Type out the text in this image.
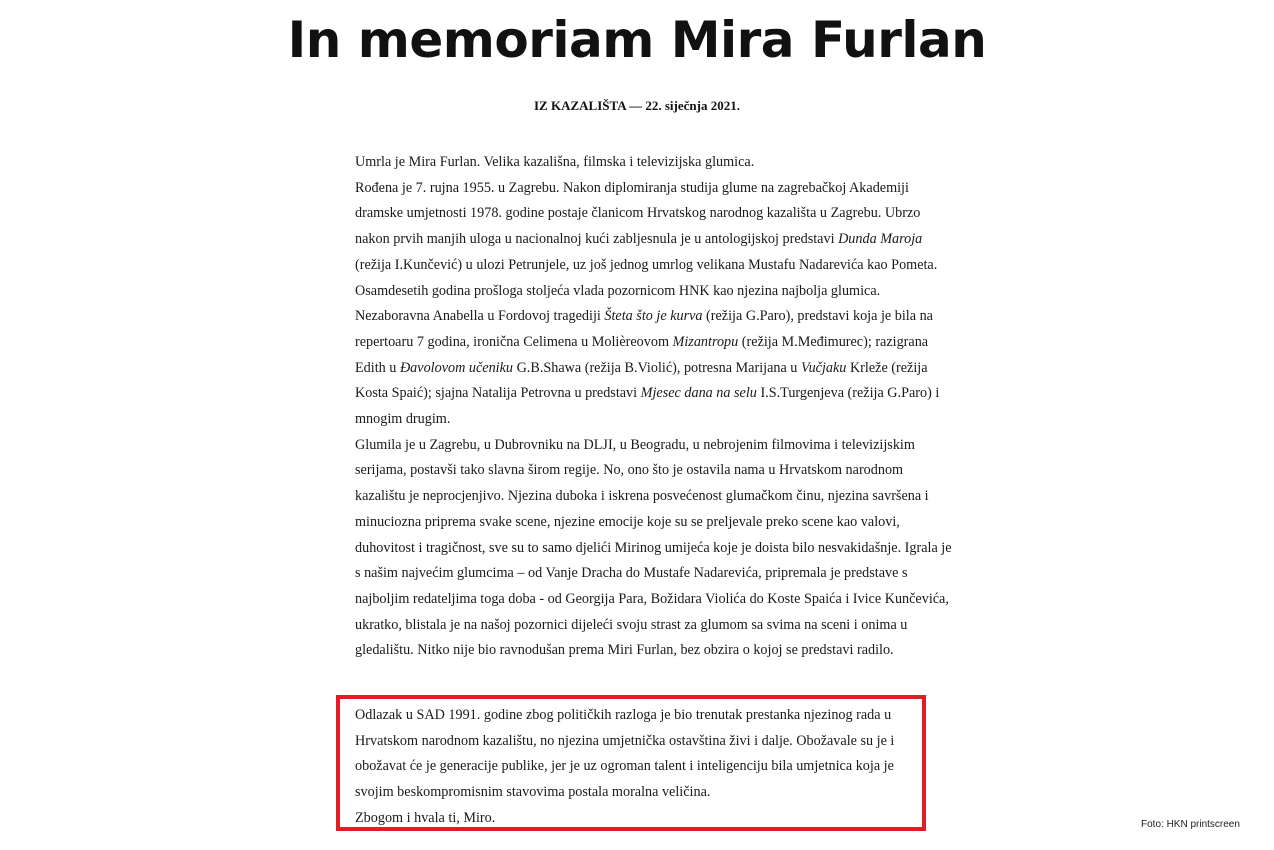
In memoriam Mira Furlan
IZ KAZALIŠTA — 22. siječnja 2021.

Umrla je Mira Furlan. Velika kazališna, filmska i televizijska glumica.

Rođena je 7. rujna 1955. u Zagrebu. Nakon diplomiranja studija glume na zagrebačkoj Akademiji dramske umjetnosti 1978. godine postaje članicom Hrvatskog narodnog kazališta u Zagrebu. Ubrzo nakon prvih manjih uloga u nacionalnoj kući zabljesnula je u antologijskoj predstavi Dunda Maroja (režija I.Kunčević) u ulozi Petrunjele, uz još jednog umrlog velikana Mustafu Nadarevića kao Pometa. Osamdesetih godina prošloga stoljeća vlada pozornicom HNK kao njezina najbolja glumica. Nezaboravna Anabella u Fordovoj tragediji Šteta što je kurva (režija G.Paro), predstavi koja je bila na repertoaru 7 godina, ironična Celimena u Molièreovom Mizantropu (režija M.Međimurec); razigrana Edith u Đavolovom učeniku G.B.Shawa (režija B.Violić), potresna Marijana u Vučjaku Krleže (režija Kosta Spaić); sjajna Natalija Petrovna u predstavi Mjesec dana na selu I.S.Turgenjeva (režija G.Paro) i mnogim drugim.

Glumila je u Zagrebu, u Dubrovniku na DLJI, u Beogradu, u nebrojenim filmovima i televizijskim serijama, postavši tako slavna širom regije. No, ono što je ostavila nama u Hrvatskom narodnom kazalištu je neprocjenjivo. Njezina duboka i iskrena posvećenost glumačkom činu, njezina savršena i minuciozna priprema svake scene, njezine emocije koje su se preljevale preko scene kao valovi, duhovitost i tragičnost, sve su to samo djelići Mirinog umijeća koje je doista bilo nesvakidašnje. Igrala je s našim najvećim glumcima – od Vanje Dracha do Mustafe Nadarevića, pripremala je predstave s najboljim redateljima toga doba - od Georgija Para, Božidara Violića do Koste Spaića i Ivice Kunčevića, ukratko, blistala je na našoj pozornici dijeleći svoju strast za glumom sa svima na sceni i onima u gledalištu. Nitko nije bio ravnodušan prema Miri Furlan, bez obzira o kojoj se predstavi radilo.

Odlazak u SAD 1991. godine zbog političkih razloga je bio trenutak prestanka njezinog rada u Hrvatskom narodnom kazalištu, no njezina umjetnička ostavština živi i dalje. Obožavale su je i obožavat će je generacije publike, jer je uz ogroman talent i inteligenciju bila umjetnica koja je svojim beskompromisnim stavovima postala moralna veličina.

Zbogom i hvala ti, Miro.	Foto: HKN printscreen
